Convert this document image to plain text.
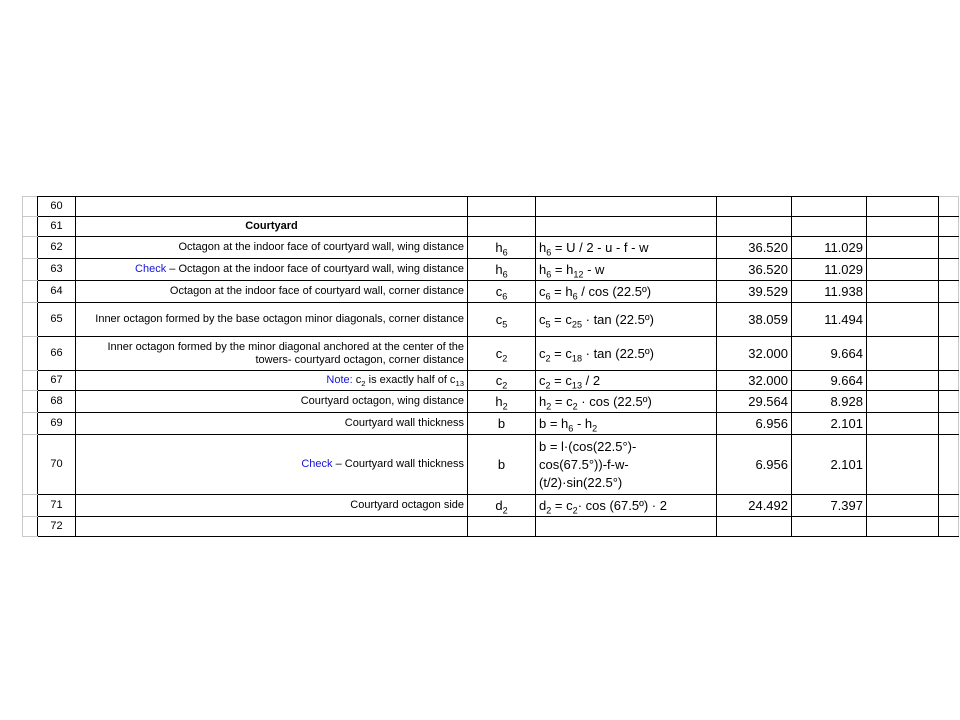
	60							
	61	Courtyard						
	62	Octagon at the indoor face of courtyard wall, wing distance	$h_6$	$h_6 = U / 2 - u - f - w$	36.520	11.029		
	63	Check – Octagon at the indoor face of courtyard wall, wing distance	$h_6$	$h_6 = h_{12} - w$	36.520	11.029		
	64	Octagon at the indoor face of courtyard wall, corner distance	$c_6$	$c_6 = h_6 / \cos$ (22.5º)	39.529	11.938		
	65	Inner octagon formed by the base octagon minor diagonals, corner distance	$c_5$	$c_5 = c_{25} \cdot \tan$ (22.5º)	38.059	11.494		
	66	Inner octagon formed by the minor diagonal anchored at the center of the towers- courtyard octagon, corner distance	$c_2$	$c_2 = c_{18} \cdot \tan$ (22.5º)	32.000	9.664		
	67	Note: $c_2$ is exactly half of $c_{13}$	$c_2$	$c_2 = c_{13} / 2$	32.000	9.664		
	68	Courtyard octagon, wing distance	$h_2$	$h_2 = c_2 \cdot \cos$ (22.5º)	29.564	8.928		
	69	Courtyard wall thickness	b	$b = h_6 - h_2$	6.956	2.101		
	70	Check – Courtyard wall thickness	b	b = l·(cos(22.5°)-
cos(67.5°))-f-w-
(t/2)·sin(22.5°)	6.956	2.101		
	71	Courtyard octagon side	$d_2$	$d_2 = c_2\cdot \cos$ (67.5º) · 2	24.492	7.397		
	72							
